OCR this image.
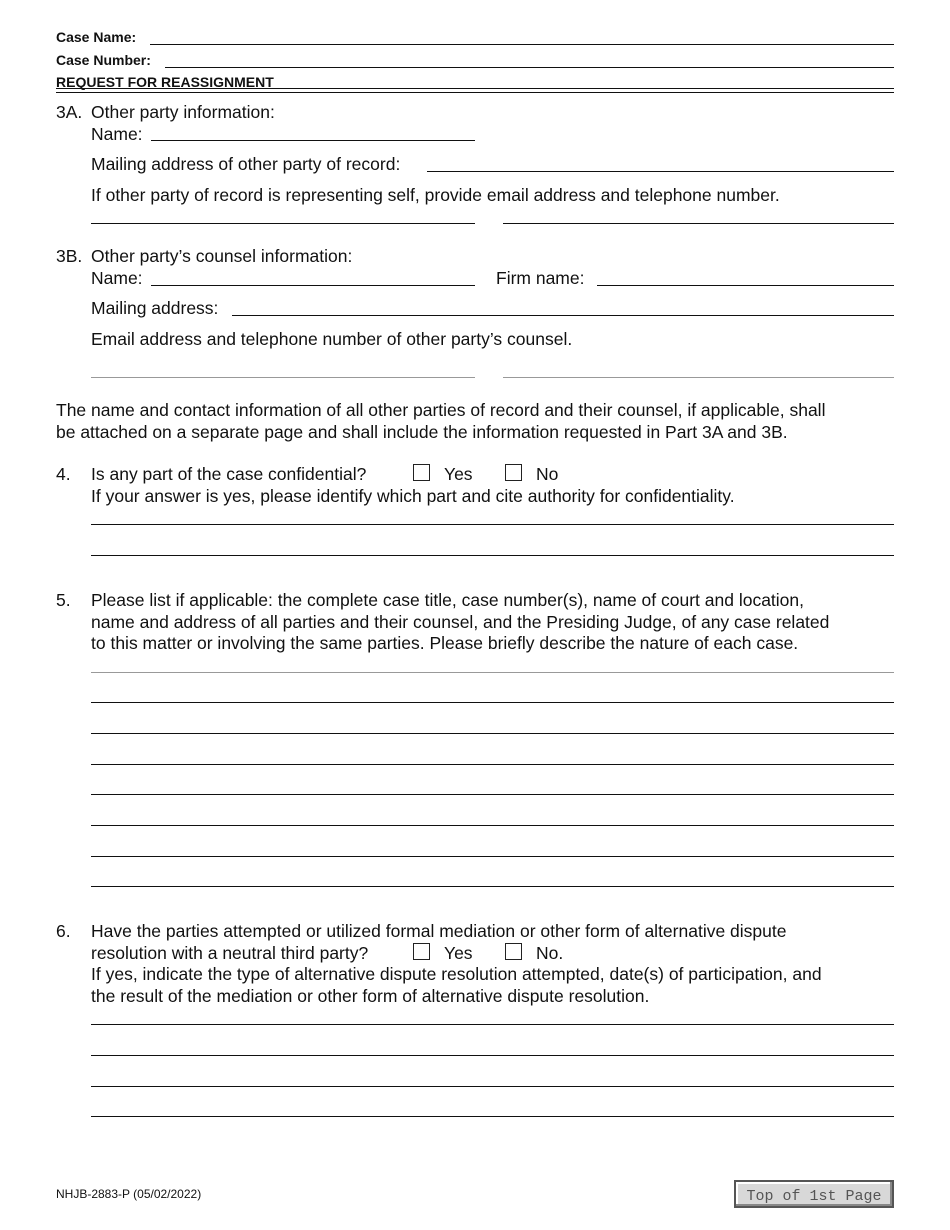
Case Name:
Case Number:
REQUEST FOR REASSIGNMENT
3A. Other party information:
Name:
Mailing address of other party of record:
If other party of record is representing self, provide email address and telephone number.
3B. Other party’s counsel information:
Name:	Firm name:
Mailing address:
Email address and telephone number of other party’s counsel.
The name and contact information of all other parties of record and their counsel, if applicable, shall
be attached on a separate page and shall include the information requested in Part 3A and 3B.
4. Is any part of the case confidential?	Yes	No
If your answer is yes, please identify which part and cite authority for confidentiality.
5. Please list if applicable: the complete case title, case number(s), name of court and location,
name and address of all parties and their counsel, and the Presiding Judge, of any case related
to this matter or involving the same parties. Please briefly describe the nature of each case.
6. Have the parties attempted or utilized formal mediation or other form of alternative dispute
resolution with a neutral third party?	Yes	No.
If yes, indicate the type of alternative dispute resolution attempted, date(s) of participation, and
the result of the mediation or other form of alternative dispute resolution.
NHJB-2883-P (05/02/2022)	Top of 1st Page
